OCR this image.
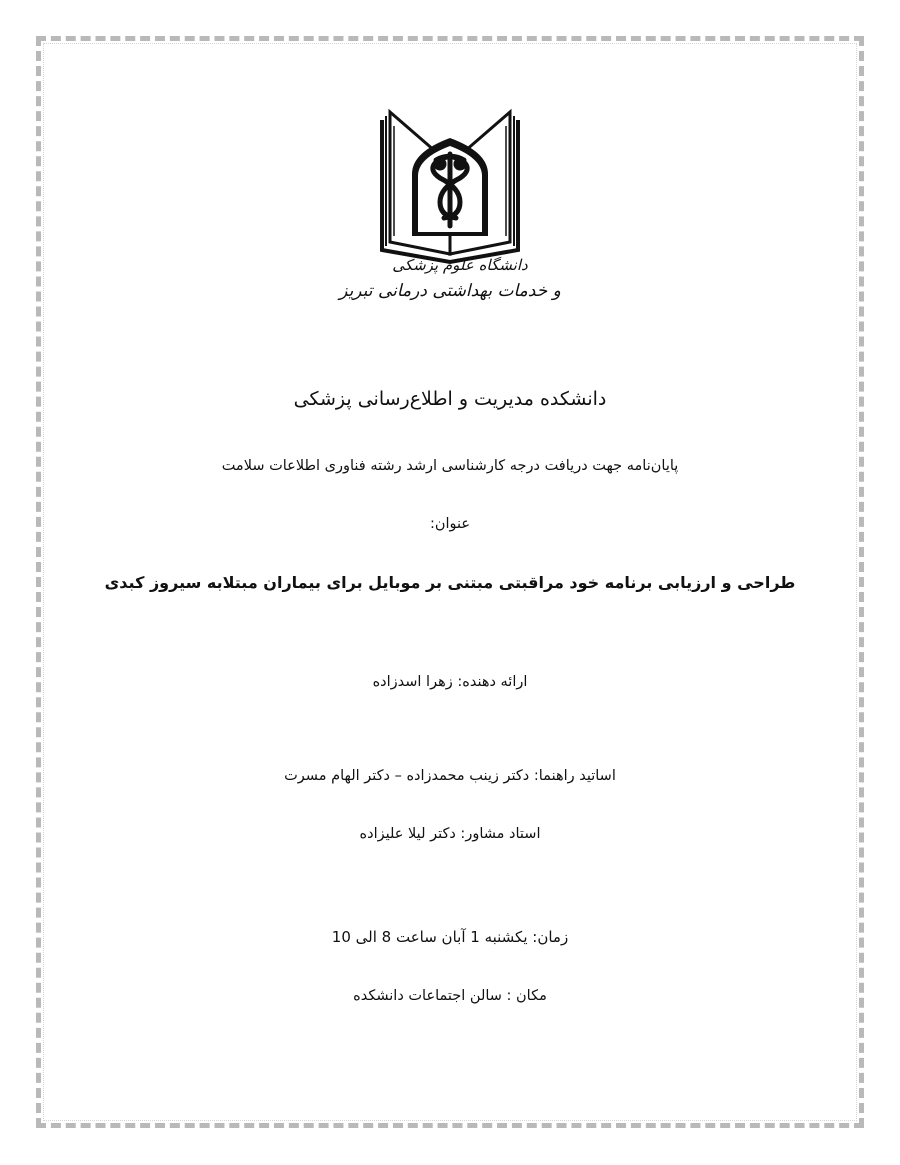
دانشگاه علوم پزشکی
و خدمات بهداشتی درمانی تبریز
دانشکده مدیریت و اطلاع‌رسانی پزشکی
پایان‌نامه جهت دریافت درجه کارشناسی ارشد رشته فناوری اطلاعات سلامت
عنوان:
طراحی و ارزیابی برنامه خود مراقبتی مبتنی بر موبایل برای بیماران مبتلابه سیروز کبدی
ارائه دهنده: زهرا اسدزاده
اساتید راهنما: دکتر زینب محمدزاده – دکتر الهام مسرت
استاد مشاور: دکتر لیلا علیزاده
زمان: یکشنبه 1 آبان ساعت 8 الی 10
مکان : سالن اجتماعات دانشکده
